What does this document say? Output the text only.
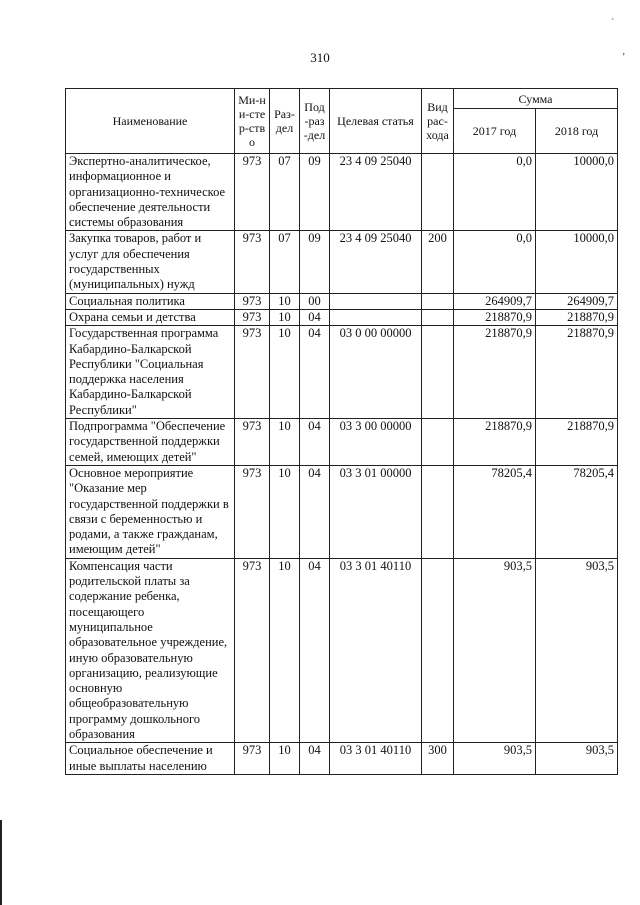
310
ˋ
ʼ
Наименование	Ми-ни-стер-ство	Раз-дел	Под-раз-дел	Целевая статья	Вид рас-хода	Сумма	
						2017 год	2018 год
Экспертно-аналитическое, информационное и организационно-техническое обеспечение деятельности системы образования	973	07	09	23 4 09 25040		0,0	10000,0
Закупка товаров, работ и услуг для обеспечения государственных (муниципальных) нужд	973	07	09	23 4 09 25040	200	0,0	10000,0
Социальная политика	973	10	00			264909,7	264909,7
Охрана семьи и детства	973	10	04			218870,9	218870,9
Государственная программа Кабардино-Балкарской Республики "Социальная поддержка населения Кабардино-Балкарской Республики"	973	10	04	03 0 00 00000		218870,9	218870,9
Подпрограмма "Обеспечение государственной поддержки семей, имеющих детей"	973	10	04	03 3 00 00000		218870,9	218870,9
Основное мероприятие "Оказание мер государственной поддержки в связи с беременностью и родами, а также гражданам, имеющим детей"	973	10	04	03 3 01 00000		78205,4	78205,4
Компенсация части родительской платы за содержание ребенка, посещающего муниципальное образовательное учреждение, иную образовательную организацию, реализующие основную общеобразовательную программу дошкольного образования	973	10	04	03 3 01 40110		903,5	903,5
Социальное обеспечение и иные выплаты населению	973	10	04	03 3 01 40110	300	903,5	903,5
